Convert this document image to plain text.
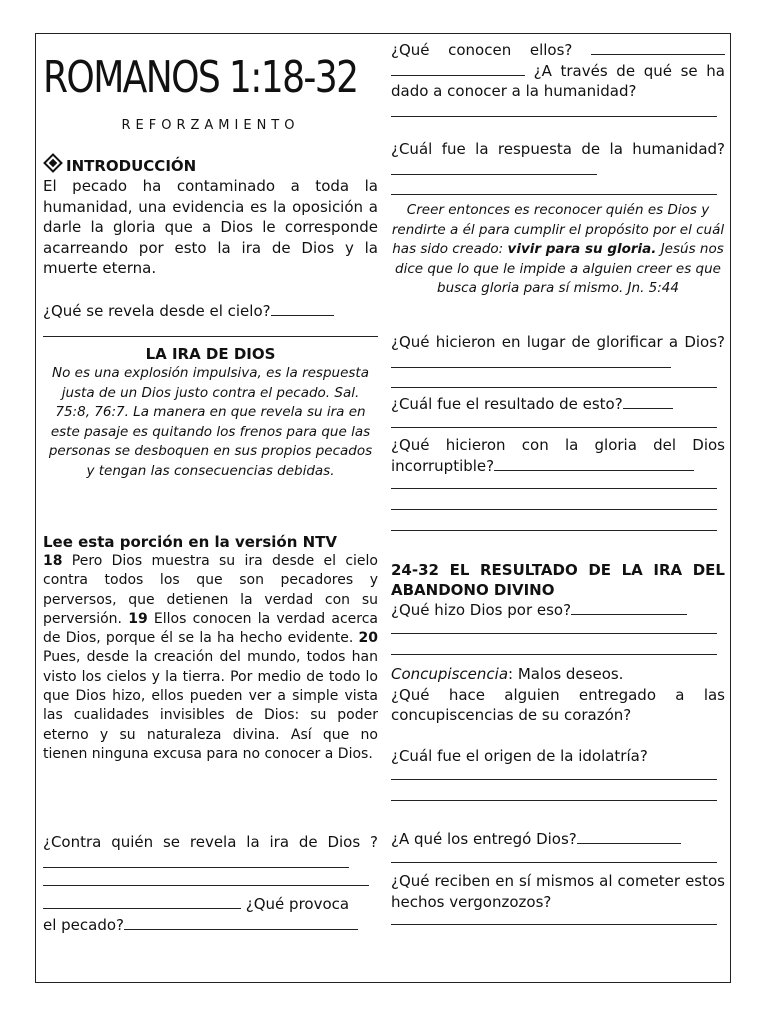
ROMANOS 1:18-32
REFORZAMIENTO
INTRODUCCIÓN

El pecado ha contaminado a toda la humanidad, una evidencia es la oposición a darle la gloria que a Dios le corresponde acarreando por esto la ira de Dios y la muerte eterna.

¿Qué se revela desde el cielo?

LA IRA DE DIOS

No es una explosión impulsiva, es la respuesta justa de un Dios justo contra el pecado. Sal. 75:8, 76:7. La manera en que revela su ira en este pasaje es quitando los frenos para que las personas se desboquen en sus propios pecados y tengan las consecuencias debidas.

Lee esta porción en la versión NTV

18 Pero Dios muestra su ira desde el cielo contra todos los que son pecadores y perversos, que detienen la verdad con su perversión. 19 Ellos conocen la verdad acerca de Dios, porque él se la ha hecho evidente. 20 Pues, desde la creación del mundo, todos han visto los cielos y la tierra. Por medio de todo lo que Dios hizo, ellos pueden ver a simple vista las cualidades invisibles de Dios: su poder eterno y su naturaleza divina. Así que no tienen ninguna excusa para no conocer a Dios.

¿Contra quién se revela la ira de Dios ?

¿Qué provoca

el pecado?

¿Qué conocen ellos?   ¿A través de qué se ha dado a conocer a la humanidad?

¿Cuál fue la respuesta de la humanidad?

Creer entonces es reconocer quién es Dios y rendirte a él para cumplir el propósito por el cuál has sido creado: vivir para su gloria. Jesús nos dice que lo que le impide a alguien creer es que busca gloria para sí mismo. Jn. 5:44

¿Qué hicieron en lugar de glorificar a Dios?

¿Cuál fue el resultado de esto?

¿Qué hicieron con la gloria del Dios incorruptible?

24-32 EL RESULTADO DE LA IRA DEL ABANDONO DIVINO

¿Qué hizo Dios por eso?

Concupiscencia: Malos deseos.

¿Qué hace alguien entregado a las concupiscencias de su corazón?

¿Cuál fue el origen de la idolatría?

¿A qué los entregó Dios?

¿Qué reciben en sí mismos al cometer estos hechos vergonzozos?
